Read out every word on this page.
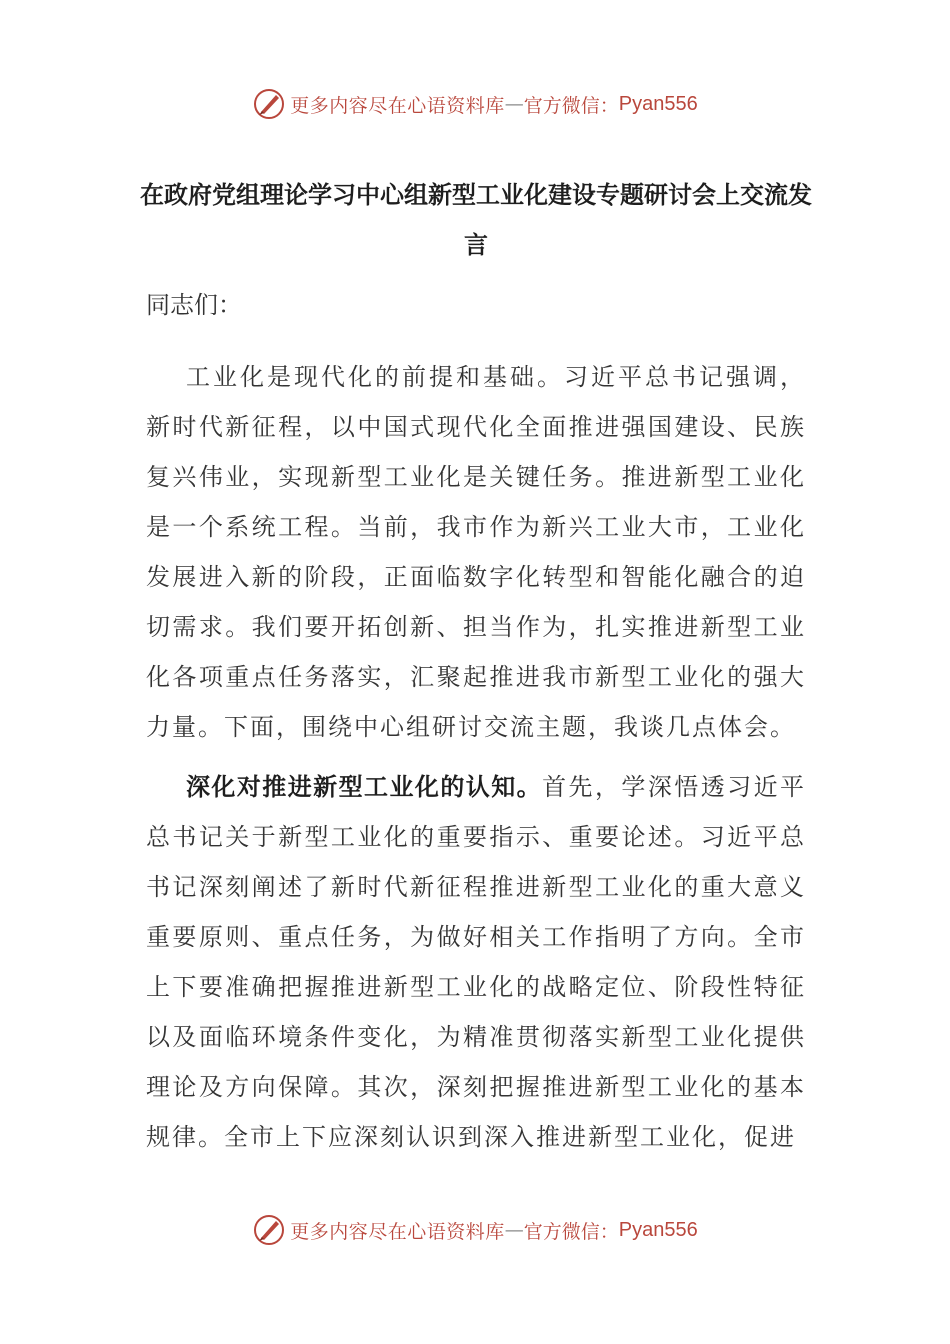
更多内容尽在心语资料库 — 官方微信： Pyan556
在政府党组理论学习中心组新型工业化建设专题研讨会上交流发言
同志们：

工业化是现代化的前提和基础。习近平总书记强调，新时代新征程，以中国式现代化全面推进强国建设、民族复兴伟业，实现新型工业化是关键任务。推进新型工业化是一个系统工程。当前，我市作为新兴工业大市，工业化发展进入新的阶段，正面临数字化转型和智能化融合的迫切需求。我们要开拓创新、担当作为，扎实推进新型工业化各项重点任务落实，汇聚起推进我市新型工业化的强大力量。下面，围绕中心组研讨交流主题，我谈几点体会。

深化对推进新型工业化的认知。首先，学深悟透习近平总书记关于新型工业化的重要指示、重要论述。习近平总书记深刻阐述了新时代新征程推进新型工业化的重大意义重要原则、重点任务，为做好相关工作指明了方向。全市上下要准确把握推进新型工业化的战略定位、阶段性特征以及面临环境条件变化，为精准贯彻落实新型工业化提供理论及方向保障。其次，深刻把握推进新型工业化的基本规律。全市上下应深刻认识到深入推进新型工业化，促进

更多内容尽在心语资料库 — 官方微信： Pyan556
